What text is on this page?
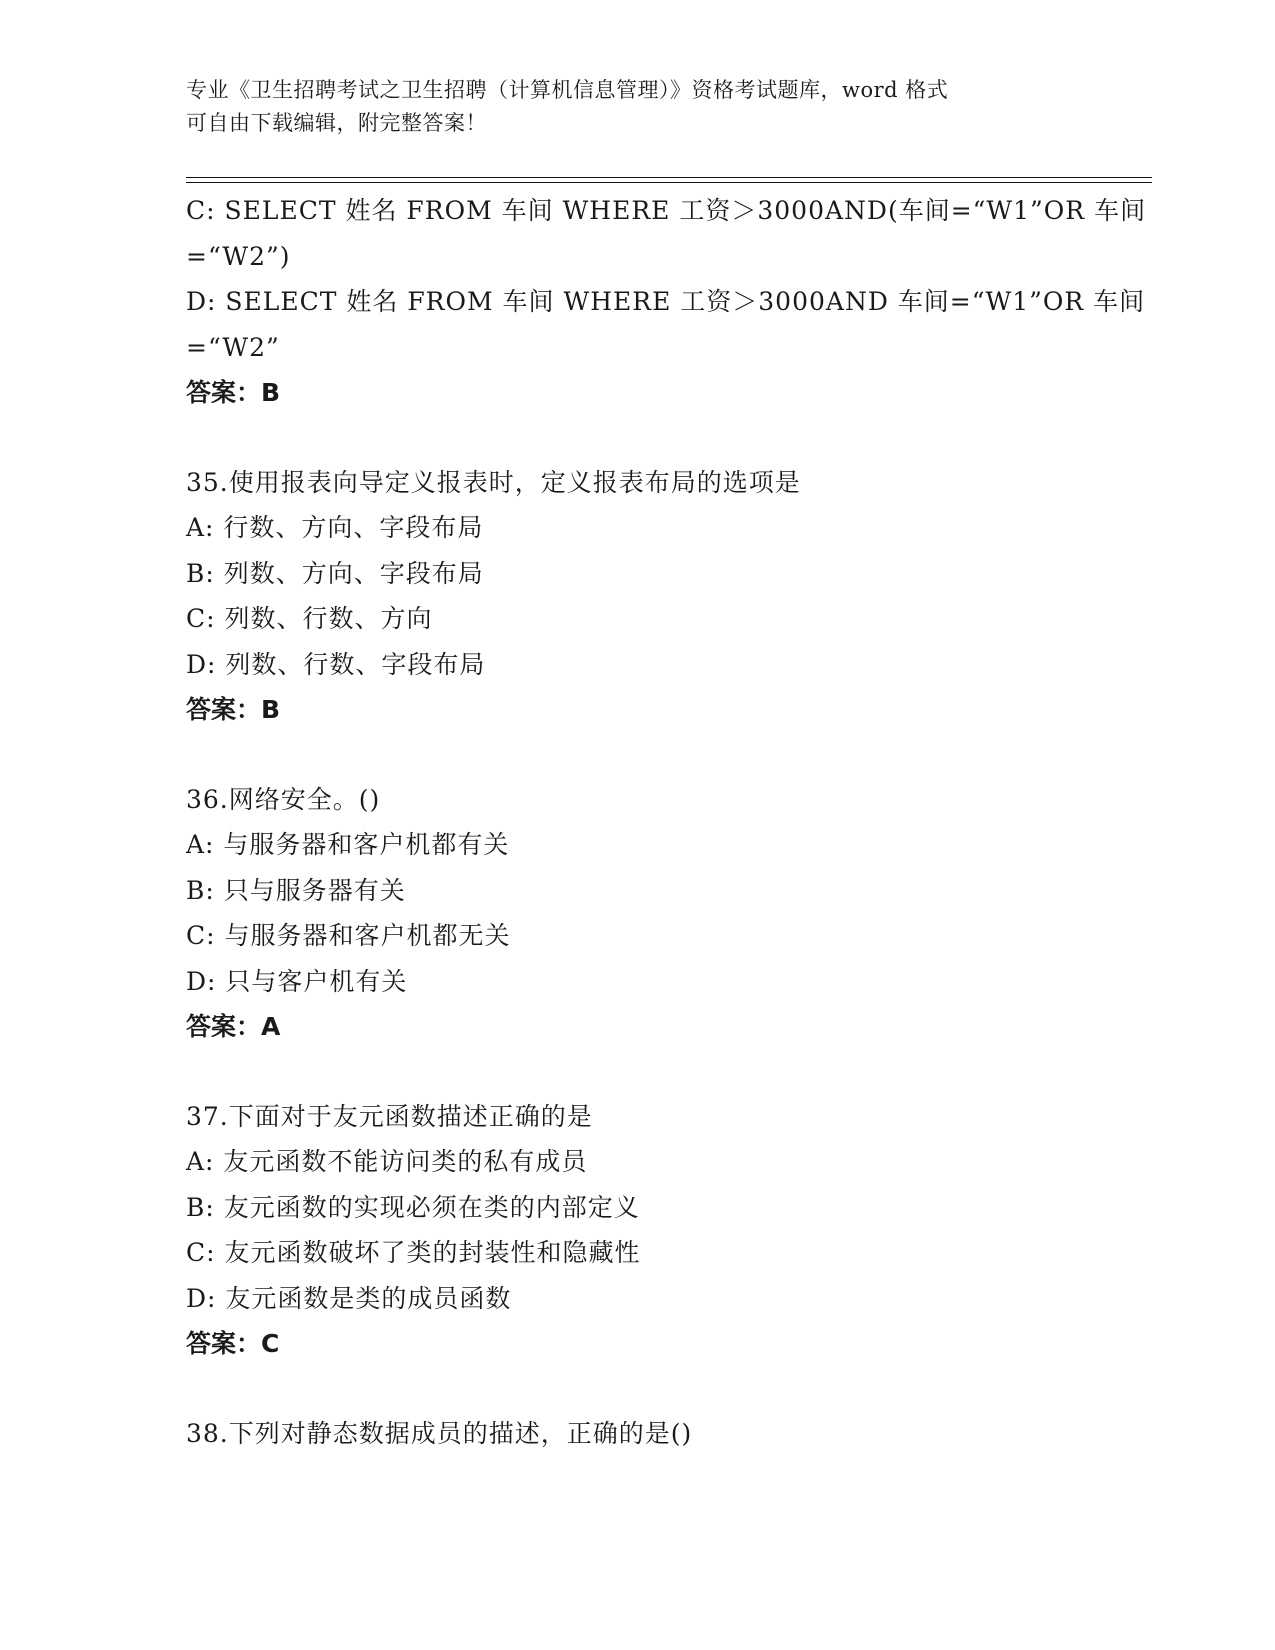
专业《卫生招聘考试之卫生招聘（计算机信息管理）》资格考试题库，word 格式
可自由下载编辑，附完整答案！
C: SELECT 姓名 FROM 车间 WHERE 工资＞3000AND(车间=“W1”OR 车间
=“W2”)
D: SELECT 姓名 FROM 车间 WHERE 工资＞3000AND 车间=“W1”OR 车间
=“W2”
答案：B
35.使用报表向导定义报表时，定义报表布局的选项是
A: 行数、方向、字段布局
B: 列数、方向、字段布局
C: 列数、行数、方向
D: 列数、行数、字段布局
答案：B
36.网络安全。()
A: 与服务器和客户机都有关
B: 只与服务器有关
C: 与服务器和客户机都无关
D: 只与客户机有关
答案：A
37.下面对于友元函数描述正确的是
A: 友元函数不能访问类的私有成员
B: 友元函数的实现必须在类的内部定义
C: 友元函数破坏了类的封装性和隐藏性
D: 友元函数是类的成员函数
答案：C
38.下列对静态数据成员的描述，正确的是()
